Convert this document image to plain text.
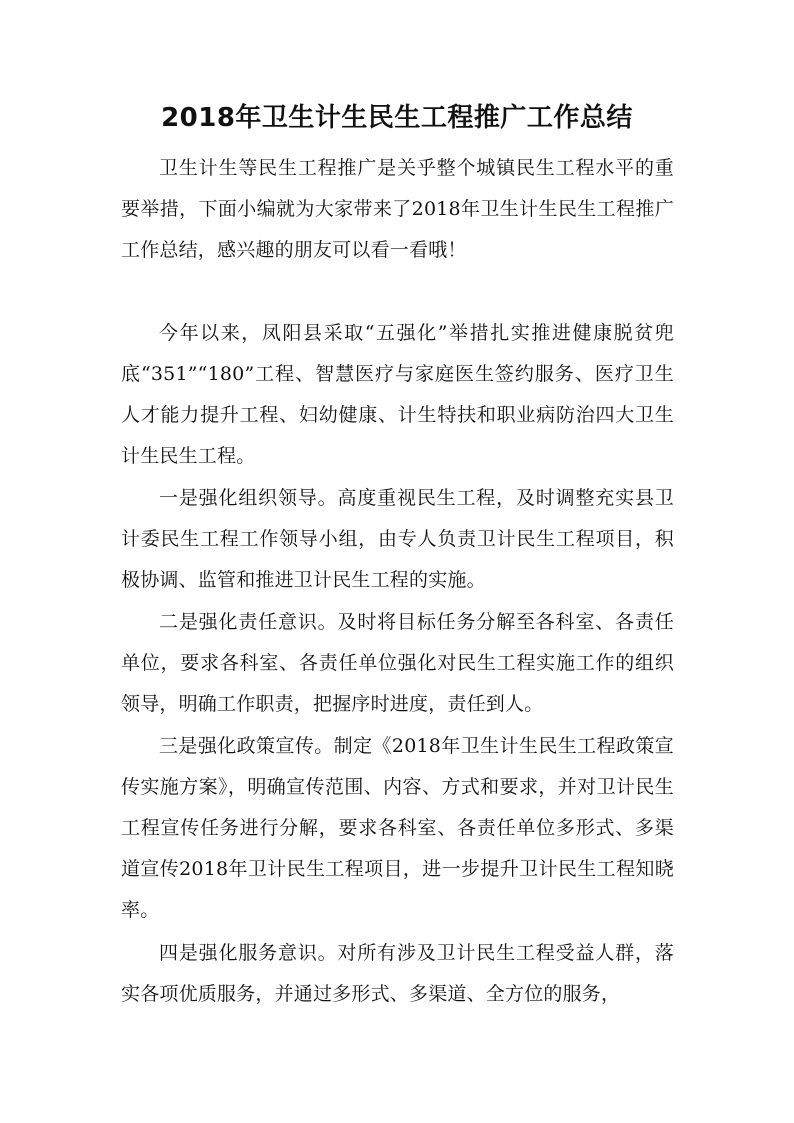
2018年卫生计生民生工程推广工作总结

卫生计生等民生工程推广是关乎整个城镇民生工程水平的重要举措，下面小编就为大家带来了2018年卫生计生民生工程推广工作总结，感兴趣的朋友可以看一看哦！

今年以来，凤阳县采取“五强化”举措扎实推进健康脱贫兜底“351”“180”工程、智慧医疗与家庭医生签约服务、医疗卫生人才能力提升工程、妇幼健康、计生特扶和职业病防治四大卫生计生民生工程。

一是强化组织领导。高度重视民生工程，及时调整充实县卫计委民生工程工作领导小组，由专人负责卫计民生工程项目，积极协调、监管和推进卫计民生工程的实施。

二是强化责任意识。及时将目标任务分解至各科室、各责任单位，要求各科室、各责任单位强化对民生工程实施工作的组织领导，明确工作职责，把握序时进度，责任到人。

三是强化政策宣传。制定《2018年卫生计生民生工程政策宣传实施方案》，明确宣传范围、内容、方式和要求，并对卫计民生工程宣传任务进行分解，要求各科室、各责任单位多形式、多渠道宣传2018年卫计民生工程项目，进一步提升卫计民生工程知晓率。

四是强化服务意识。对所有涉及卫计民生工程受益人群，落实各项优质服务，并通过多形式、多渠道、全方位的服务，
